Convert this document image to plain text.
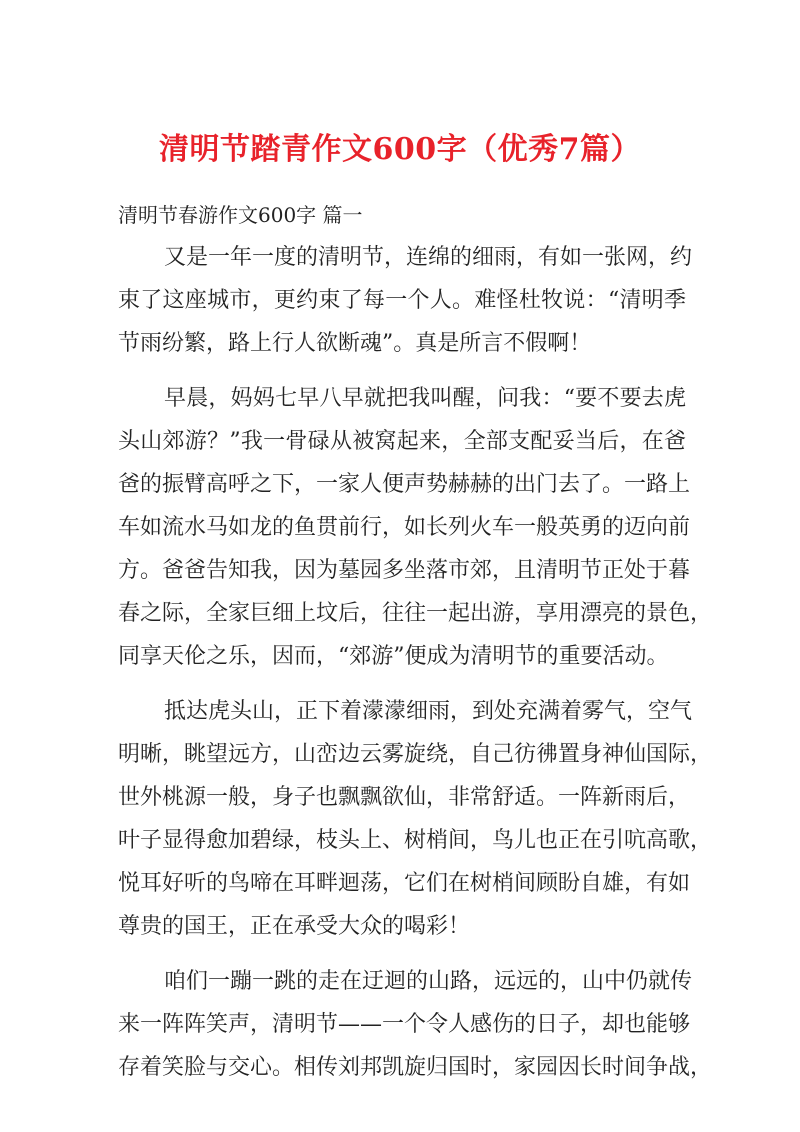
清明节踏青作文600字（优秀7篇）
清明节春游作文600字 篇一
又是一年一度的清明节，连绵的细雨，有如一张网，约
束了这座城市，更约束了每一个人。难怪杜牧说：“清明季
节雨纷繁，路上行人欲断魂”。真是所言不假啊！
早晨，妈妈七早八早就把我叫醒，问我：“要不要去虎
头山郊游？”我一骨碌从被窝起来，全部支配妥当后，在爸
爸的振臂高呼之下，一家人便声势赫赫的出门去了。一路上
车如流水马如龙的鱼贯前行，如长列火车一般英勇的迈向前
方。爸爸告知我，因为墓园多坐落市郊，且清明节正处于暮
春之际，全家巨细上坟后，往往一起出游，享用漂亮的景色，
同享天伦之乐，因而，“郊游”便成为清明节的重要活动。
抵达虎头山，正下着濛濛细雨，到处充满着雾气，空气
明晰，眺望远方，山峦边云雾旋绕，自己彷彿置身神仙国际，
世外桃源一般，身子也飘飘欲仙，非常舒适。一阵新雨后，
叶子显得愈加碧绿，枝头上、树梢间，鸟儿也正在引吭高歌，
悦耳好听的鸟啼在耳畔迴荡，它们在树梢间顾盼自雄，有如
尊贵的国王，正在承受大众的喝彩！
咱们一蹦一跳的走在迂迴的山路，远远的，山中仍就传
来一阵阵笑声，清明节——一个令人感伤的日子，却也能够
存着笑脸与交心。相传刘邦凯旋归国时，家园因长时间争战，
